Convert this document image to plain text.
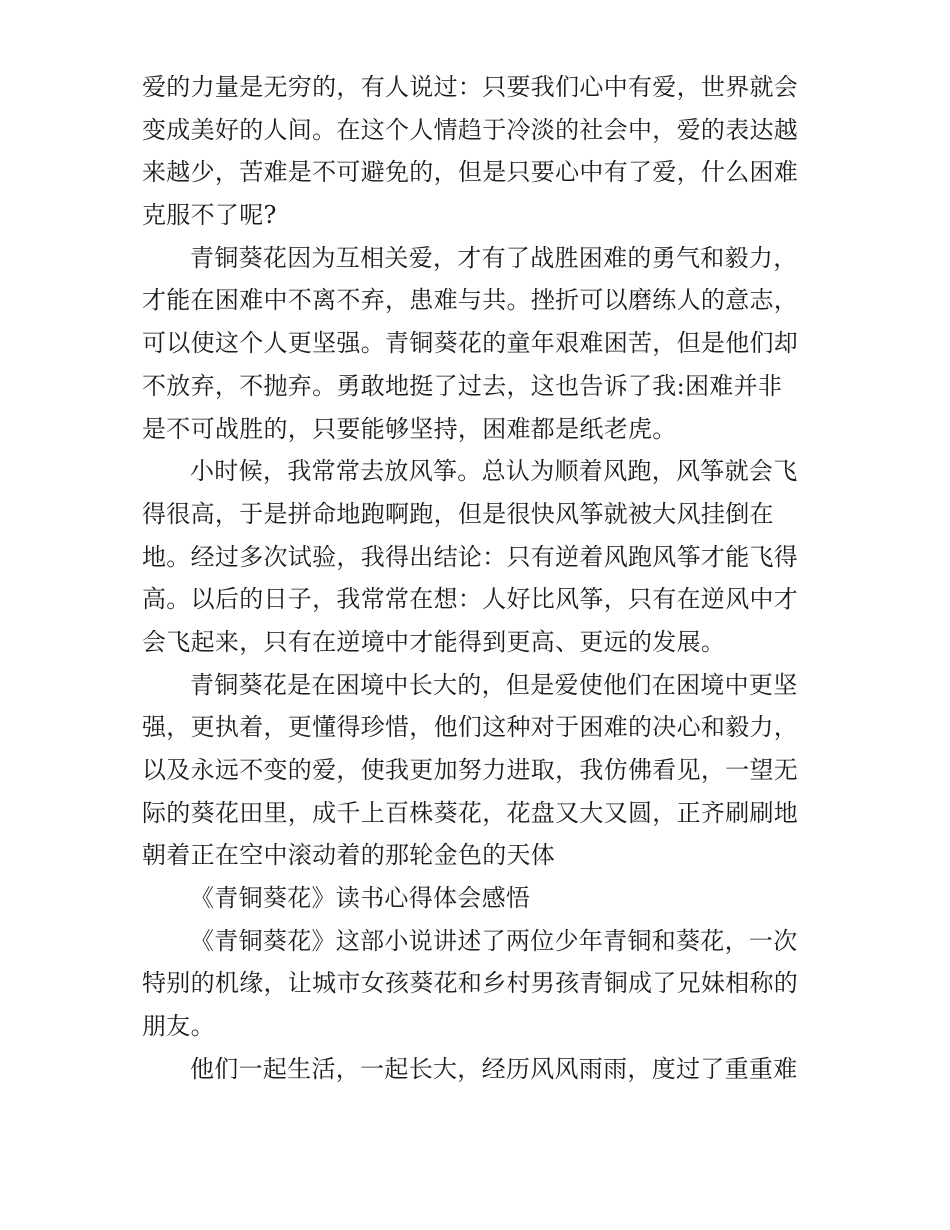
爱的力量是无穷的，有人说过：只要我们心中有爱，世界就会
变成美好的人间。在这个人情趋于冷淡的社会中，爱的表达越
来越少，苦难是不可避免的，但是只要心中有了爱，什么困难
克服不了呢?
青铜葵花因为互相关爱，才有了战胜困难的勇气和毅力，
才能在困难中不离不弃，患难与共。挫折可以磨练人的意志，
可以使这个人更坚强。青铜葵花的童年艰难困苦，但是他们却
不放弃，不抛弃。勇敢地挺了过去，这也告诉了我:困难并非
是不可战胜的，只要能够坚持，困难都是纸老虎。
小时候，我常常去放风筝。总认为顺着风跑，风筝就会飞
得很高，于是拼命地跑啊跑，但是很快风筝就被大风挂倒在
地。经过多次试验，我得出结论：只有逆着风跑风筝才能飞得
高。以后的日子，我常常在想：人好比风筝，只有在逆风中才
会飞起来，只有在逆境中才能得到更高、更远的发展。
青铜葵花是在困境中长大的，但是爱使他们在困境中更坚
强，更执着，更懂得珍惜，他们这种对于困难的决心和毅力，
以及永远不变的爱，使我更加努力进取，我仿佛看见，一望无
际的葵花田里，成千上百株葵花，花盘又大又圆，正齐刷刷地
朝着正在空中滚动着的那轮金色的天体
《青铜葵花》读书心得体会感悟
《青铜葵花》这部小说讲述了两位少年青铜和葵花，一次
特别的机缘，让城市女孩葵花和乡村男孩青铜成了兄妹相称的
朋友。
他们一起生活，一起长大，经历风风雨雨，度过了重重难
